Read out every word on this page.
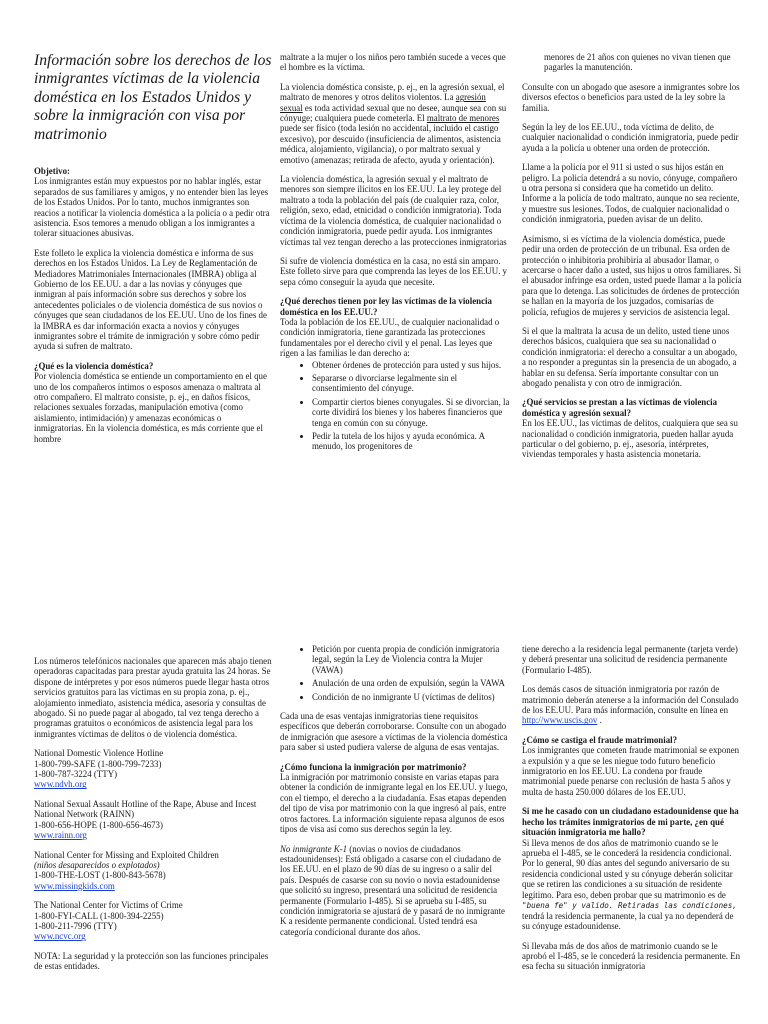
Información sobre los derechos de los inmigrantes víctimas de la violencia doméstica en los Estados Unidos y sobre la inmigración con visa por matrimonio
Objetivo:

Los inmigrantes están muy expuestos por no hablar inglés, estar separados de sus familiares y amigos, y no entender bien las leyes de los Estados Unidos. Por lo tanto, muchos inmigrantes son reacios a notificar la violencia doméstica a la policía o a pedir otra asistencia. Esos temores a menudo obligan a los inmigrantes a tolerar situaciones abusivas.

Este folleto le explica la violencia doméstica e informa de sus derechos en los Estados Unidos. La Ley de Reglamentación de Mediadores Matrimoniales Internacionales (IMBRA) obliga al Gobierno de los EE.UU. a dar a las novias y cónyuges que inmigran al país información sobre sus derechos y sobre los antecedentes policiales o de violencia doméstica de sus novios o cónyuges que sean ciudadanos de los EE.UU. Uno de los fines de la IMBRA es dar información exacta a novios y cónyuges inmigrantes sobre el trámite de inmigración y sobre cómo pedir ayuda si sufren de maltrato.

¿Qué es la violencia doméstica?

Por violencia doméstica se entiende un comportamiento en el que uno de los compañeros íntimos o esposos amenaza o maltrata al otro compañero. El maltrato consiste, p. ej., en daños físicos, relaciones sexuales forzadas, manipulación emotiva (como aislamiento, intimidación) y amenazas económicas o inmigratorias. En la violencia doméstica, es más corriente que el hombre

maltrate a la mujer o los niños pero también sucede a veces que el hombre es la víctima.

La violencia doméstica consiste, p. ej., en la agresión sexual, el maltrato de menores y otros delitos violentos. La agresión sexual es toda actividad sexual que no desee, aunque sea con su cónyuge; cualquiera puede cometerla. El maltrato de menores puede ser físico (toda lesión no accidental, incluido el castigo excesivo), por descuido (insuficiencia de alimentos, asistencia médica, alojamiento, vigilancia), o por maltrato sexual y emotivo (amenazas; retirada de afecto, ayuda y orientación).

La violencia doméstica, la agresión sexual y el maltrato de menores son siempre ilícitos en los EE.UU. La ley protege del maltrato a toda la población del país (de cualquier raza, color, religión, sexo, edad, etnicidad o condición inmigratoria). Toda víctima de la violencia doméstica, de cualquier nacionalidad o condición inmigratoria, puede pedir ayuda. Los inmigrantes víctimas tal vez tengan derecho a las protecciones inmigratorias

Si sufre de violencia doméstica en la casa, no está sin amparo. Este folleto sirve para que comprenda las leyes de los EE.UU. y sepa cómo conseguir la ayuda que necesite.

¿Qué derechos tienen por ley las víctimas de la violencia doméstica en los EE.UU.?

Toda la población de los EE.UU., de cualquier nacionalidad o condición inmigratoria, tiene garantizada las protecciones fundamentales por el derecho civil y el penal. Las leyes que rigen a las familias le dan derecho a:

• Obtener órdenes de protección para usted y sus hijos.
• Separarse o divorciarse legalmente sin el consentimiento del cónyuge.
• Compartir ciertos bienes conyugales. Si se divorcian, la corte dividirá los bienes y los haberes financieros que tenga en común con su cónyuge.
• Pedir la tutela de los hijos y ayuda económica. A menudo, los progenitores de

menores de 21 años con quienes no vivan tienen que pagarles la manutención.

Consulte con un abogado que asesore a inmigrantes sobre los diversos efectos o beneficios para usted de la ley sobre la familia.

Según la ley de los EE.UU., toda víctima de delito, de cualquier nacionalidad o condición inmigratoria, puede pedir ayuda a la policía u obtener una orden de protección.

Llame a la policía por el 911 si usted o sus hijos están en peligro. La policía detendrá a su novio, cónyuge, compañero u otra persona si considera que ha cometido un delito. Informe a la policía de todo maltrato, aunque no sea reciente, y muestre sus lesiones. Todos, de cualquier nacionalidad o condición inmigratoria, pueden avisar de un delito.

Asimismo, si es víctima de la violencia doméstica, puede pedir una orden de protección de un tribunal. Esa orden de protección o inhibitoria prohibiría al abusador llamar, o acercarse o hacer daño a usted, sus hijos u otros familiares. Si el abusador infringe esa orden, usted puede llamar a la policía para que lo detenga. Las solicitudes de órdenes de protección se hallan en la mayoría de los juzgados, comisarías de policía, refugios de mujeres y servicios de asistencia legal.

Si el que la maltrata la acusa de un delito, usted tiene unos derechos básicos, cualquiera que sea su nacionalidad o condición inmigratoria: el derecho a consultar a un abogado, a no responder a preguntas sin la presencia de un abogado, a hablar en su defensa. Sería importante consultar con un abogado penalista y con otro de inmigración.

¿Qué servicios se prestan a las víctimas de violencia doméstica y agresión sexual?

En los EE.UU., las víctimas de delitos, cualquiera que sea su nacionalidad o condición inmigratoria, pueden hallar ayuda particular o del gobierno, p. ej., asesoría, intérpretes, viviendas temporales y hasta asistencia monetaria.

Los números telefónicos nacionales que aparecen más abajo tienen operadoras capacitadas para prestar ayuda gratuita las 24 horas. Se dispone de intérpretes y por esos números puede llegar hasta otros servicios gratuitos para las víctimas en su propia zona, p. ej., alojamiento inmediato, asistencia médica, asesoría y consultas de abogado. Si no puede pagar al abogado, tal vez tenga derecho a programas gratuitos o económicos de asistencia legal para los inmigrantes víctimas de delitos o de violencia doméstica.

National Domestic Violence Hotline
1-800-799-SAFE (1-800-799-7233)
1-800-787-3224 (TTY)
www.ndvh.org

National Sexual Assault Hotline of the Rape, Abuse and Incest National Network (RAINN)
1-800-656-HOPE (1-800-656-4673)
www.rainn.org

National Center for Missing and Exploited Children
(niños desaparecidos o explotados)
1-800-THE-LOST (1-800-843-5678)
www.missingkids.com

The National Center for Victims of Crime
1-800-FYI-CALL (1-800-394-2255)
1-800-211-7996 (TTY)
www.ncvc.org

NOTA: La seguridad y la protección son las funciones principales de estas entidades.

• Petición por cuenta propia de condición inmigratoria legal, según la Ley de Violencia contra la Mujer (VAWA)
• Anulación de una orden de expulsión, según la VAWA
• Condición de no inmigrante U (víctimas de delitos)

Cada una de esas ventajas inmigratorias tiene requisitos específicos que deberán corroborarse. Consulte con un abogado de inmigración que asesore a víctimas de la violencia doméstica para saber si usted pudiera valerse de alguna de esas ventajas.

¿Cómo funciona la inmigración por matrimonio?

La inmigración por matrimonio consiste en varias etapas para obtener la condición de inmigrante legal en los EE.UU. y luego, con el tiempo, el derecho a la ciudadanía. Esas etapas dependen del tipo de visa por matrimonio con la que ingresó al país, entre otros factores. La información siguiente repasa algunos de esos tipos de visa así como sus derechos según la ley.

No inmigrante K-1 (novias o novios de ciudadanos estadounidenses): Está obligado a casarse con el ciudadano de los EE.UU. en el plazo de 90 días de su ingreso o a salir del país. Después de casarse con su novio o novia estadounidense que solicitó su ingreso, presentará una solicitud de residencia permanente (Formulario I-485). Si se aprueba su I-485, su condición inmigratoria se ajustará de y pasará de no inmigrante K a residente permanente condicional. Usted tendrá esa categoría condicional durante dos años.

tiene derecho a la residencia legal permanente (tarjeta verde) y deberá presentar una solicitud de residencia permanente (Formulario I-485).

Los demás casos de situación inmigratoria por razón de matrimonio deberán atenerse a la información del Consulado de los EE.UU. Para más información, consulte en línea en http://www.uscis.gov .

¿Cómo se castiga el fraude matrimonial?

Los inmigrantes que cometen fraude matrimonial se exponen a expulsión y a que se les niegue todo futuro beneficio inmigratorio en los EE.UU. La condena por fraude matrimonial puede penarse con reclusión de hasta 5 años y multa de hasta 250.000 dólares de los EE.UU.

Si me he casado con un ciudadano estadounidense que ha hecho los trámites inmigratorios de mi parte, ¿en qué situación inmigratoria me hallo?

Si lleva menos de dos años de matrimonio cuando se le aprueba el I-485, se le concederá la residencia condicional. Por lo general, 90 días antes del segundo aniversario de su residencia condicional usted y su cónyuge deberán solicitar que se retiren las condiciones a su situación de residente legítimo. Para eso, deben probar que su matrimonio es de "buena fe" y valido. Retiradas las condiciones, tendrá la residencia permanente, la cual ya no dependerá de su cónyuge estadounidense.

Si llevaba más de dos años de matrimonio cuando se le aprobó el I-485, se le concederá la residencia permanente. En esa fecha su situación inmigratoria
